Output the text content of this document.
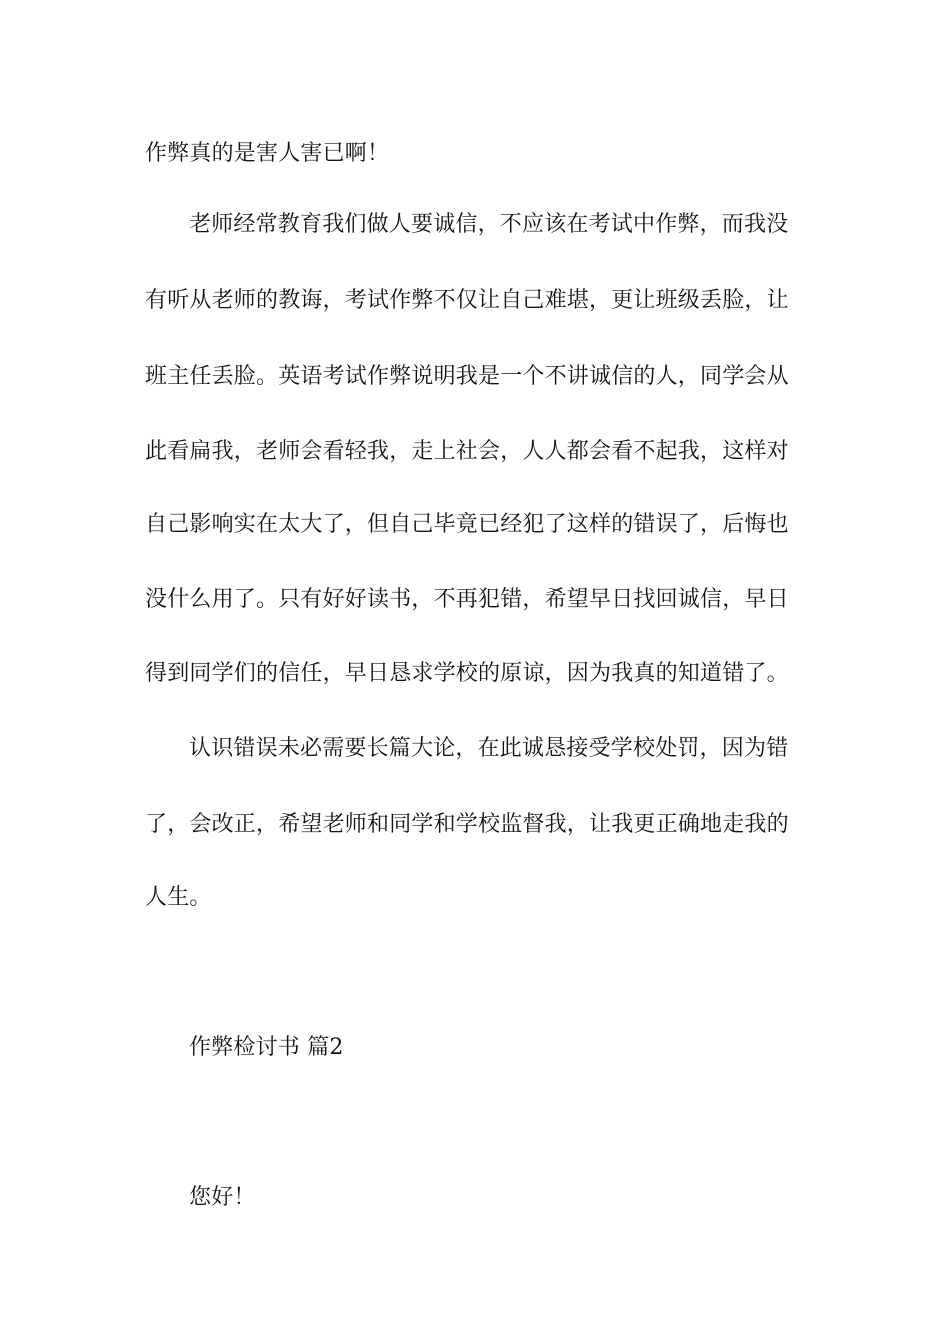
作弊真的是害人害已啊！
老师经常教育我们做人要诚信，不应该在考试中作弊，而我没
有听从老师的教诲，考试作弊不仅让自己难堪，更让班级丢脸，让
班主任丢脸。英语考试作弊说明我是一个不讲诚信的人，同学会从
此看扁我，老师会看轻我，走上社会，人人都会看不起我，这样对
自己影响实在太大了，但自己毕竟已经犯了这样的错误了，后悔也
没什么用了。只有好好读书，不再犯错，希望早日找回诚信，早日
得到同学们的信任，早日恳求学校的原谅，因为我真的知道错了。
认识错误未必需要长篇大论，在此诚恳接受学校处罚，因为错
了，会改正，希望老师和同学和学校监督我，让我更正确地走我的
人生。
作弊检讨书 篇2
您好！
